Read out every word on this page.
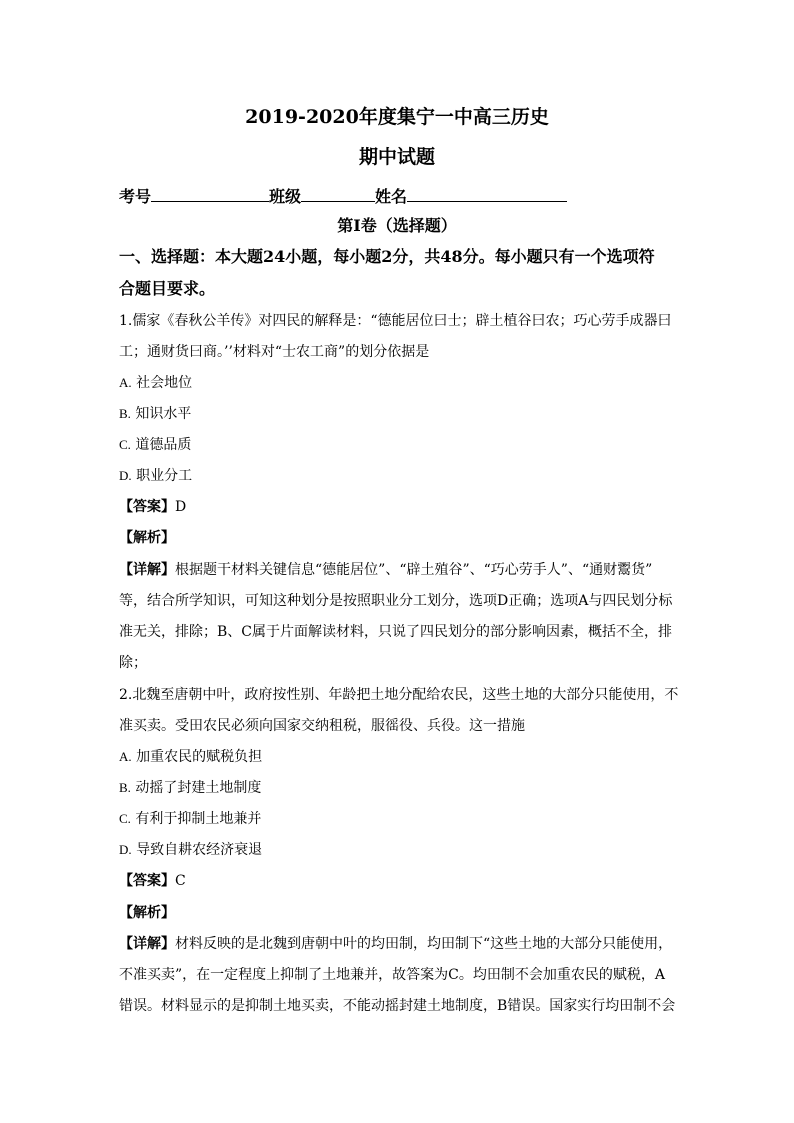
2019-2020年度集宁一中高三历史
期中试题
考号	班级	姓名
第Ⅰ卷（选择题）
一、选择题：本大题24小题，每小题2分，共48分。每小题只有一个选项符
合题目要求。
1.儒家《春秋公羊传》对四民的解释是：“德能居位曰士；辟土植谷曰农；巧心劳手成器曰
工；通财货曰商。’’材料对“士农工商”的划分依据是
A. 社会地位
B. 知识水平
C. 道德品质
D. 职业分工
【答案】D
【解析】
【详解】根据题干材料关键信息“德能居位”、“辟土殖谷”、“巧心劳手人”、“通财鬻货”
等，结合所学知识，可知这种划分是按照职业分工划分，选项D正确；选项A与四民划分标
准无关，排除；B、C属于片面解读材料，只说了四民划分的部分影响因素，概括不全，排
除；
2.北魏至唐朝中叶，政府按性别、年龄把土地分配给农民，这些土地的大部分只能使用，不
准买卖。受田农民必须向国家交纳租税，服徭役、兵役。这一措施
A. 加重农民的赋税负担
B. 动摇了封建土地制度
C. 有利于抑制土地兼并
D. 导致自耕农经济衰退
【答案】C
【解析】
【详解】材料反映的是北魏到唐朝中叶的均田制，均田制下“这些土地的大部分只能使用，
不准买卖”，在一定程度上抑制了土地兼并，故答案为C。均田制不会加重农民的赋税，A
错误。材料显示的是抑制土地买卖，不能动摇封建土地制度，B错误。国家实行均田制不会
